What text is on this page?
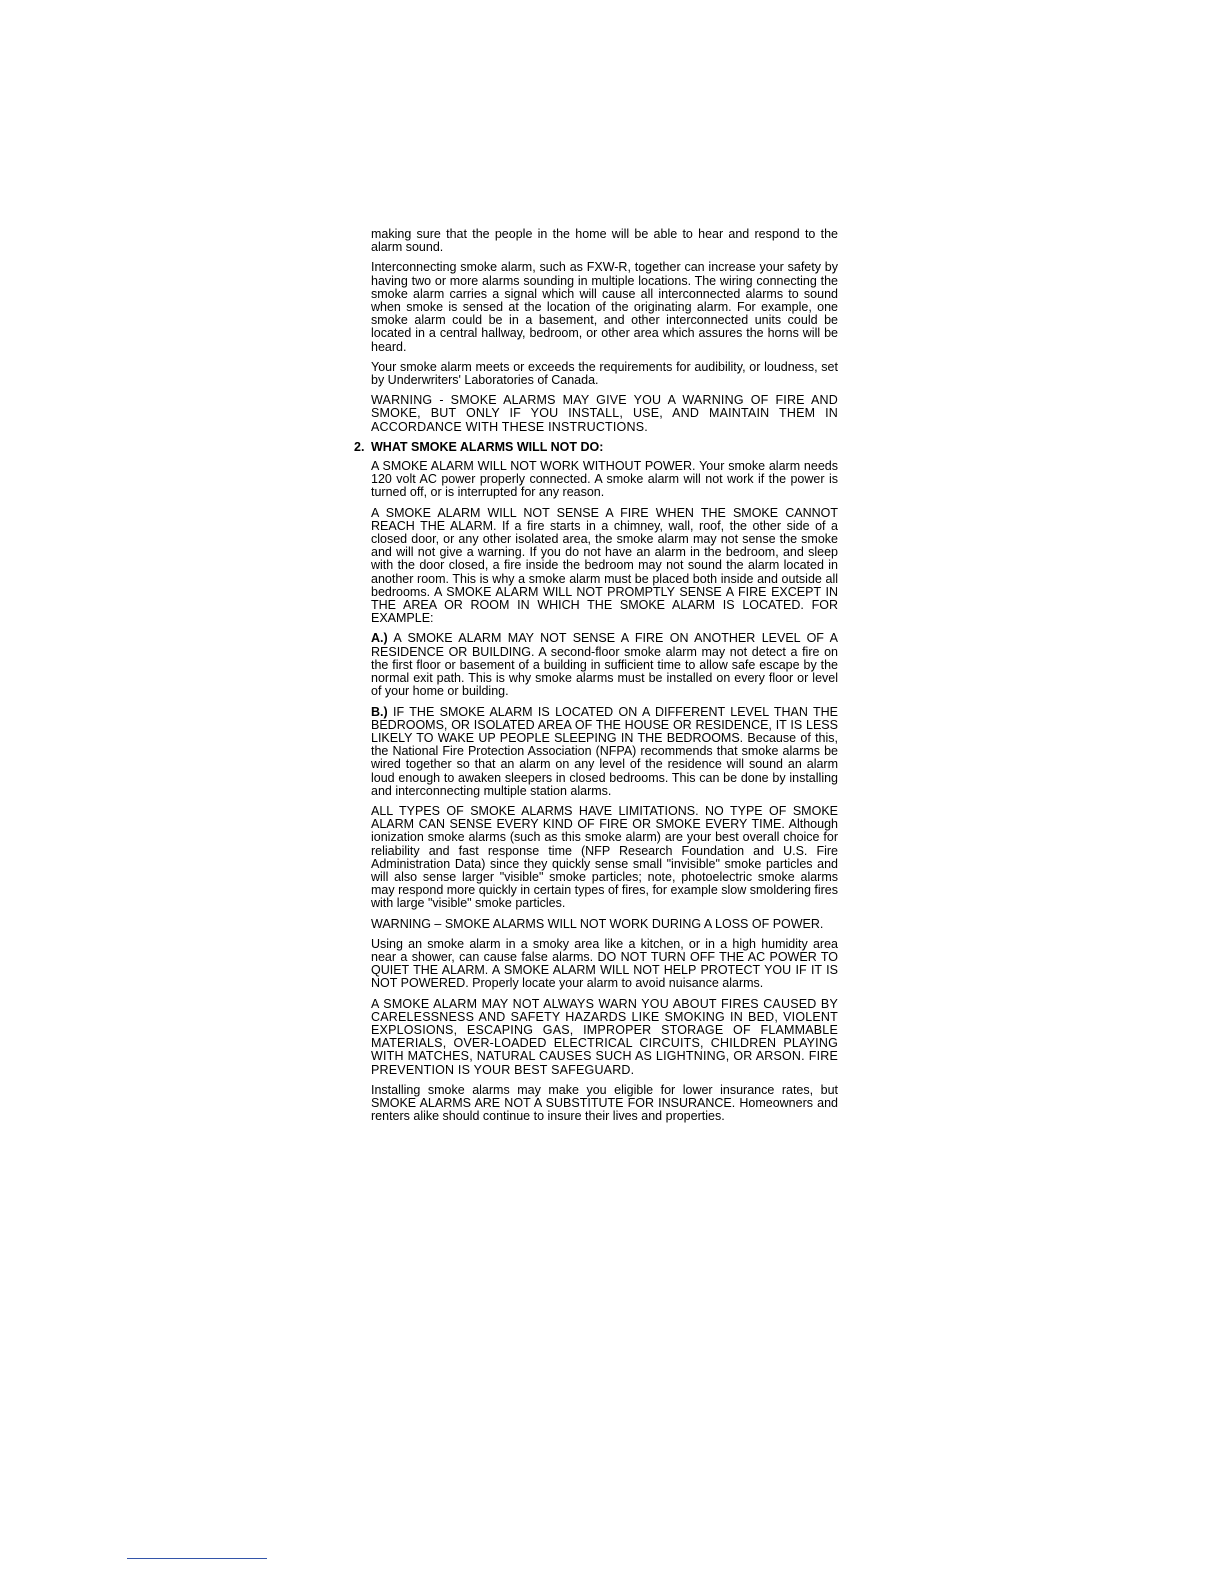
making sure that the people in the home will be able to hear and respond to the alarm sound.

Interconnecting smoke alarm, such as FXW-R, together can increase your safety by having two or more alarms sounding in multiple locations. The wiring connecting the smoke alarm carries a signal which will cause all interconnected alarms to sound when smoke is sensed at the location of the originating alarm. For example, one smoke alarm could be in a basement, and other interconnected units could be located in a central hallway, bedroom, or other area which assures the horns will be heard.

Your smoke alarm meets or exceeds the requirements for audibility, or loudness, set by Underwriters' Laboratories of Canada.

WARNING - SMOKE ALARMS MAY GIVE YOU A WARNING OF FIRE AND SMOKE, BUT ONLY IF YOU INSTALL, USE, AND MAINTAIN THEM IN ACCORDANCE WITH THESE INSTRUCTIONS.

2. WHAT SMOKE ALARMS WILL NOT DO:

A SMOKE ALARM WILL NOT WORK WITHOUT POWER. Your smoke alarm needs 120 volt AC power properly connected. A smoke alarm will not work if the power is turned off, or is interrupted for any reason.

A SMOKE ALARM WILL NOT SENSE A FIRE WHEN THE SMOKE CANNOT REACH THE ALARM. If a fire starts in a chimney, wall, roof, the other side of a closed door, or any other isolated area, the smoke alarm may not sense the smoke and will not give a warning. If you do not have an alarm in the bedroom, and sleep with the door closed, a fire inside the bedroom may not sound the alarm located in another room. This is why a smoke alarm must be placed both inside and outside all bedrooms. A SMOKE ALARM WILL NOT PROMPTLY SENSE A FIRE EXCEPT IN THE AREA OR ROOM IN WHICH THE SMOKE ALARM IS LOCATED. FOR EXAMPLE:

A.) A SMOKE ALARM MAY NOT SENSE A FIRE ON ANOTHER LEVEL OF A RESIDENCE OR BUILDING. A second-floor smoke alarm may not detect a fire on the first floor or basement of a building in sufficient time to allow safe escape by the normal exit path. This is why smoke alarms must be installed on every floor or level of your home or building.

B.) IF THE SMOKE ALARM IS LOCATED ON A DIFFERENT LEVEL THAN THE BEDROOMS, OR ISOLATED AREA OF THE HOUSE OR RESIDENCE, IT IS LESS LIKELY TO WAKE UP PEOPLE SLEEPING IN THE BEDROOMS. Because of this, the National Fire Protection Association (NFPA) recommends that smoke alarms be wired together so that an alarm on any level of the residence will sound an alarm loud enough to awaken sleepers in closed bedrooms. This can be done by installing and interconnecting multiple station alarms.

ALL TYPES OF SMOKE ALARMS HAVE LIMITATIONS. NO TYPE OF SMOKE ALARM CAN SENSE EVERY KIND OF FIRE OR SMOKE EVERY TIME. Although ionization smoke alarms (such as this smoke alarm) are your best overall choice for reliability and fast response time (NFP Research Foundation and U.S. Fire Administration Data) since they quickly sense small "invisible" smoke particles and will also sense larger "visible" smoke particles; note, photoelectric smoke alarms may respond more quickly in certain types of fires, for example slow smoldering fires with large "visible" smoke particles.

WARNING – SMOKE ALARMS WILL NOT WORK DURING A LOSS OF POWER.

Using an smoke alarm in a smoky area like a kitchen, or in a high humidity area near a shower, can cause false alarms. DO NOT TURN OFF THE AC POWER TO QUIET THE ALARM. A SMOKE ALARM WILL NOT HELP PROTECT YOU IF IT IS NOT POWERED. Properly locate your alarm to avoid nuisance alarms.

A SMOKE ALARM MAY NOT ALWAYS WARN YOU ABOUT FIRES CAUSED BY CARELESSNESS AND SAFETY HAZARDS LIKE SMOKING IN BED, VIOLENT EXPLOSIONS, ESCAPING GAS, IMPROPER STORAGE OF FLAMMABLE MATERIALS, OVER-LOADED ELECTRICAL CIRCUITS, CHILDREN PLAYING WITH MATCHES, NATURAL CAUSES SUCH AS LIGHTNING, OR ARSON. FIRE PREVENTION IS YOUR BEST SAFEGUARD.

Installing smoke alarms may make you eligible for lower insurance rates, but SMOKE ALARMS ARE NOT A SUBSTITUTE FOR INSURANCE. Homeowners and renters alike should continue to insure their lives and properties.
